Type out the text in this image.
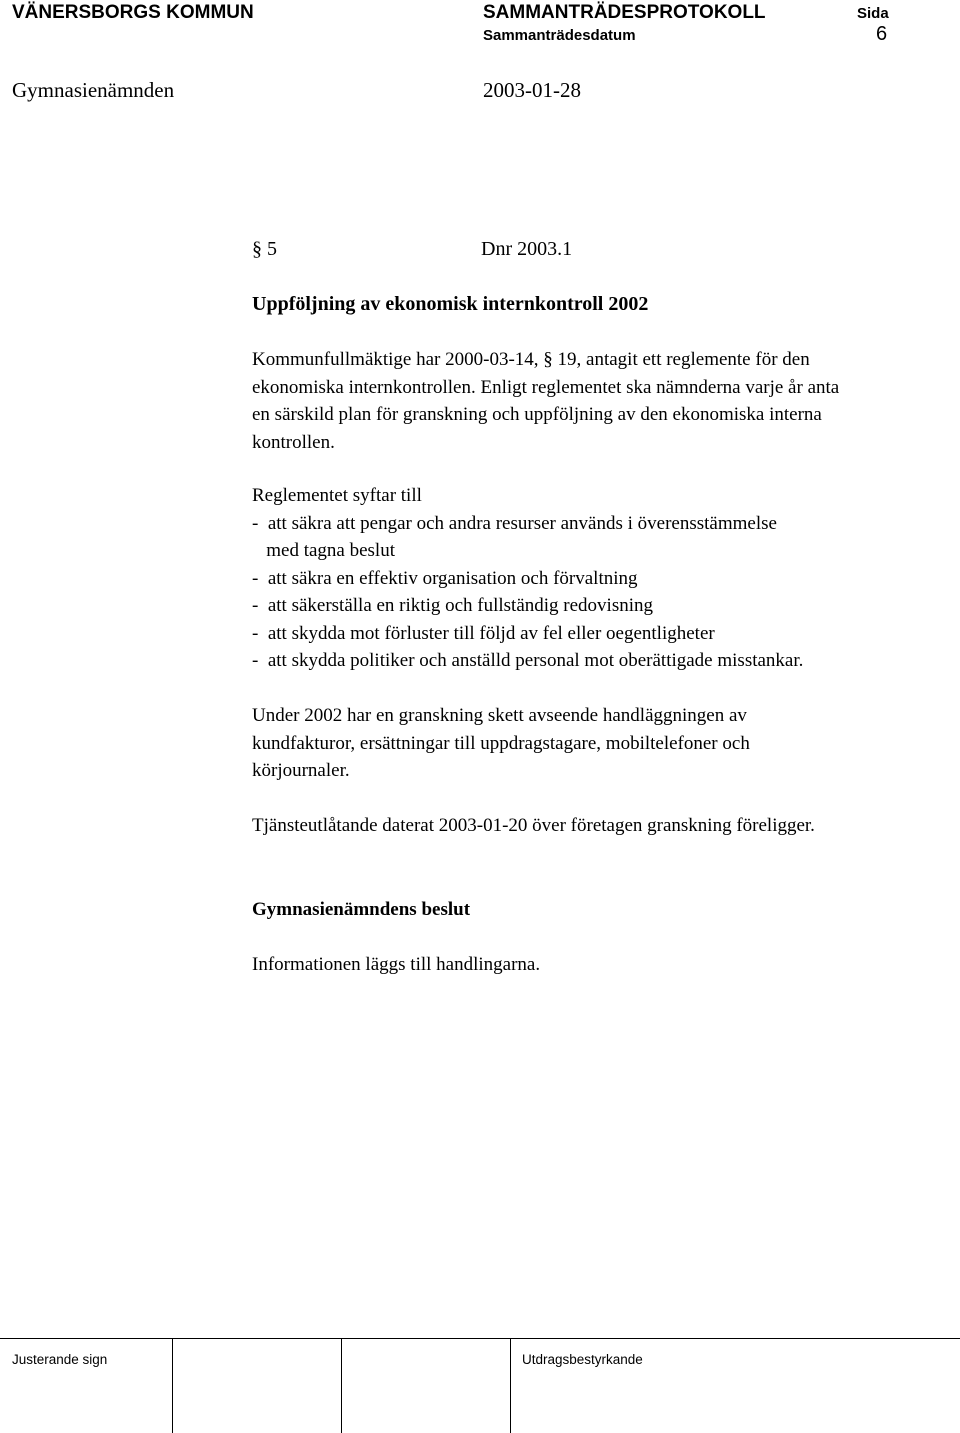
VÄNERSBORGS KOMMUN	SAMMANTRÄDESPROTOKOLL	Sida
Sammanträdesdatum	6
Gymnasienämnden	2003-01-28
§ 5	Dnr 2003.1
Uppföljning av ekonomisk internkontroll 2002
Kommunfullmäktige har 2000-03-14, § 19, antagit ett reglemente för den
ekonomiska internkontrollen. Enligt reglementet ska nämnderna varje år anta
en särskild plan för granskning och uppföljning av den ekonomiska interna
kontrollen.
Reglementet syftar till
-  att säkra att pengar och andra resurser används i överensstämmelse
med tagna beslut
-  att säkra en effektiv organisation och förvaltning
-  att säkerställa en riktig och fullständig redovisning
-  att skydda mot förluster till följd av fel eller oegentligheter
-  att skydda politiker och anställd personal mot oberättigade misstankar.
Under 2002 har en granskning skett avseende handläggningen av
kundfakturor, ersättningar till uppdragstagare, mobiltelefoner och
körjournaler.
Tjänsteutlåtande daterat 2003-01-20 över företagen granskning föreligger.
Gymnasienämndens beslut
Informationen läggs till handlingarna.
Justerande sign	Utdragsbestyrkande
